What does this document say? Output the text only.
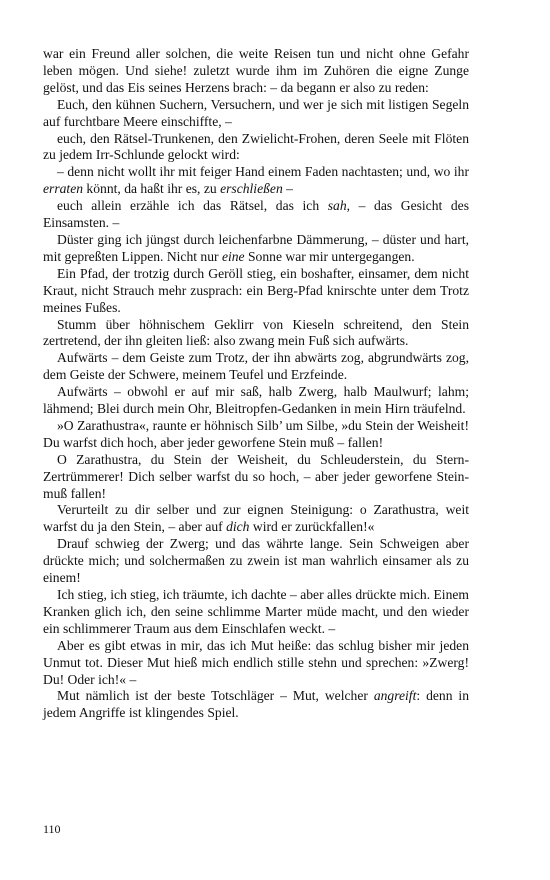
war ein Freund aller solchen, die weite Reisen tun und nicht ohne Gefahr leben mögen. Und siehe! zuletzt wurde ihm im Zuhören die eigne Zunge gelöst, und das Eis seines Herzens brach: – da begann er also zu reden:

Euch, den kühnen Suchern, Versuchern, und wer je sich mit listigen Segeln auf furchtbare Meere einschiffte, –

euch, den Rätsel-Trunkenen, den Zwielicht-Frohen, deren Seele mit Flöten zu jedem Irr-Schlunde gelockt wird:

– denn nicht wollt ihr mit feiger Hand einem Faden nachtasten; und, wo ihr erraten könnt, da haßt ihr es, zu erschließen –

euch allein erzähle ich das Rätsel, das ich sah, – das Gesicht des Einsamsten. –

Düster ging ich jüngst durch leichenfarbne Dämmerung, – düster und hart, mit gepreßten Lippen. Nicht nur eine Sonne war mir untergegangen.

Ein Pfad, der trotzig durch Geröll stieg, ein boshafter, einsamer, dem nicht Kraut, nicht Strauch mehr zusprach: ein Berg-Pfad knirschte unter dem Trotz meines Fußes.

Stumm über höhnischem Geklirr von Kieseln schreitend, den Stein zertretend, der ihn gleiten ließ: also zwang mein Fuß sich aufwärts.

Aufwärts – dem Geiste zum Trotz, der ihn abwärts zog, abgrundwärts zog, dem Geiste der Schwere, meinem Teufel und Erzfeinde.

Aufwärts – obwohl er auf mir saß, halb Zwerg, halb Maulwurf; lahm; lähmend; Blei durch mein Ohr, Bleitropfen-Gedanken in mein Hirn träufelnd.

»O Zarathustra«, raunte er höhnisch Silb’ um Silbe, »du Stein der Weisheit! Du warfst dich hoch, aber jeder geworfene Stein muß – fallen!

O Zarathustra, du Stein der Weisheit, du Schleuderstein, du Stern-Zertrümmerer! Dich selber warfst du so hoch, – aber jeder geworfene Stein- muß fallen!

Verurteilt zu dir selber und zur eignen Steinigung: o Zarathustra, weit warfst du ja den Stein, – aber auf dich wird er zurückfallen!«

Drauf schwieg der Zwerg; und das währte lange. Sein Schweigen aber drückte mich; und solchermaßen zu zwein ist man wahrlich einsamer als zu einem!

Ich stieg, ich stieg, ich träumte, ich dachte – aber alles drückte mich. Einem Kranken glich ich, den seine schlimme Marter müde macht, und den wieder ein schlimmerer Traum aus dem Einschlafen weckt. –

Aber es gibt etwas in mir, das ich Mut heiße: das schlug bisher mir jeden Unmut tot. Dieser Mut hieß mich endlich stille stehn und sprechen: »Zwerg! Du! Oder ich!« –

Mut nämlich ist der beste Totschläger – Mut, welcher angreift: denn in jedem Angriffe ist klingendes Spiel.

110
